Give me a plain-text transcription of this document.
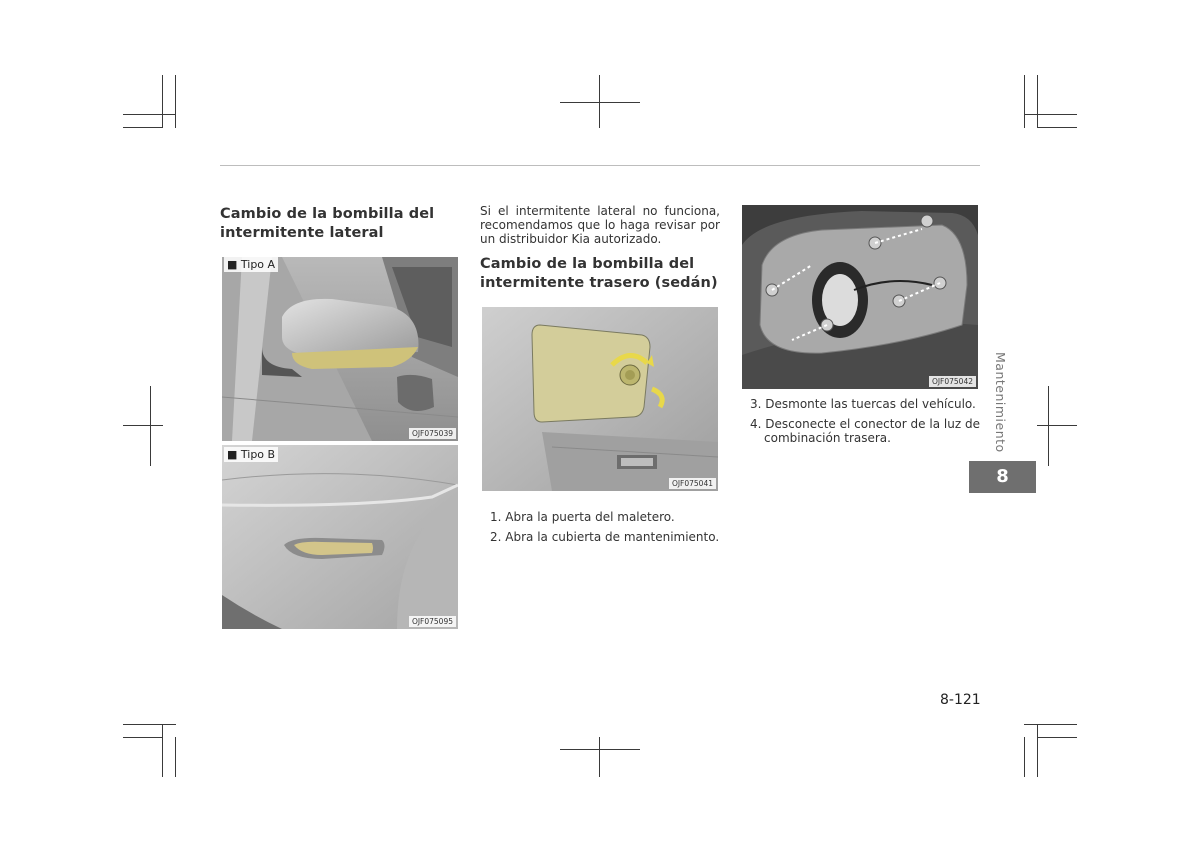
Cambio de la bombilla del
intermitente lateral
■ Tipo A
OJF075039
■ Tipo B
OJF075095
Si el intermitente lateral no funciona,
recomendamos que lo haga revisar por
un distribuidor Kia autorizado.
Cambio de la bombilla del
intermitente trasero (sedán)
OJF075041
1. Abra la puerta del maletero.
2. Abra la cubierta de mantenimiento.
OJF075042
3. Desmonte las tuercas del vehículo.
4. Desconecte el conector de la luz de
combinación trasera.	Mantenimiento
8
8-121
